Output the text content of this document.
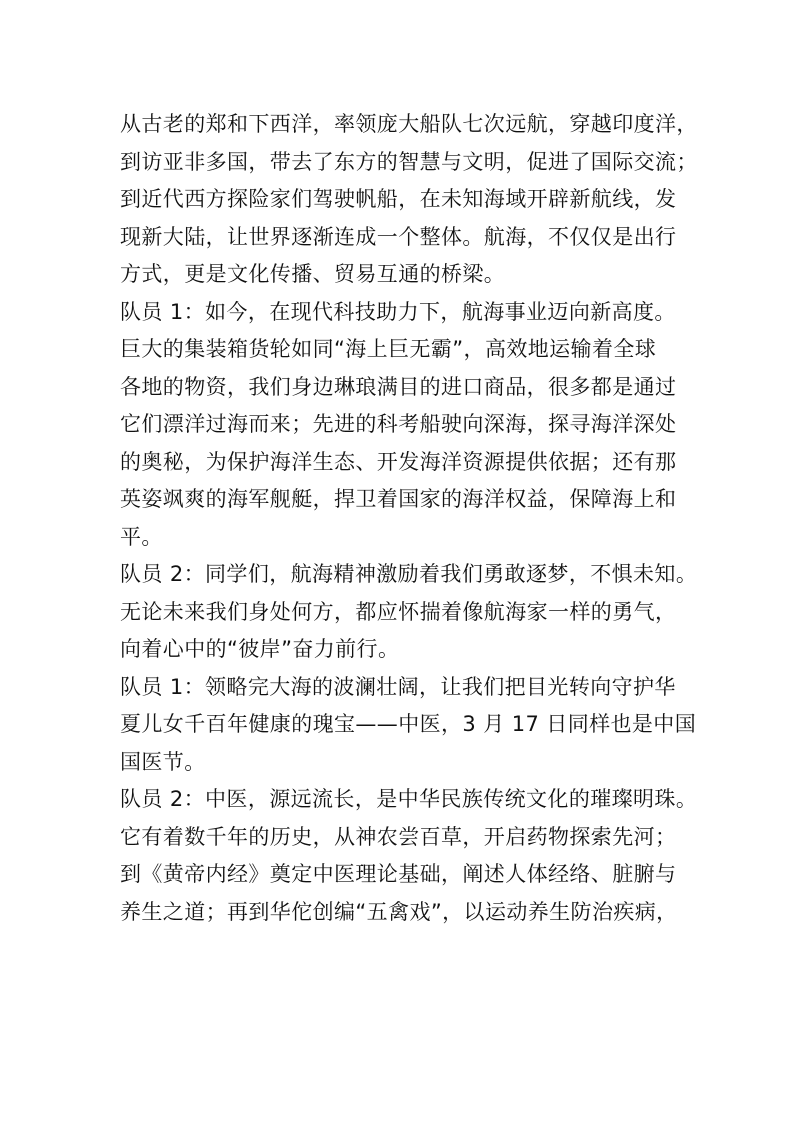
从古老的郑和下西洋，率领庞大船队七次远航，穿越印度洋，
到访亚非多国，带去了东方的智慧与文明，促进了国际交流；
到近代西方探险家们驾驶帆船，在未知海域开辟新航线，发
现新大陆，让世界逐渐连成一个整体。航海，不仅仅是出行
方式，更是文化传播、贸易互通的桥梁。
队员 1：如今，在现代科技助力下，航海事业迈向新高度。
巨大的集装箱货轮如同“海上巨无霸”，高效地运输着全球
各地的物资，我们身边琳琅满目的进口商品，很多都是通过
它们漂洋过海而来；先进的科考船驶向深海，探寻海洋深处
的奥秘，为保护海洋生态、开发海洋资源提供依据；还有那
英姿飒爽的海军舰艇，捍卫着国家的海洋权益，保障海上和
平。
队员 2：同学们，航海精神激励着我们勇敢逐梦，不惧未知。
无论未来我们身处何方，都应怀揣着像航海家一样的勇气，
向着心中的“彼岸”奋力前行。
队员 1：领略完大海的波澜壮阔，让我们把目光转向守护华
夏儿女千百年健康的瑰宝——中医，3 月 17 日同样也是中国
国医节。
队员 2：中医，源远流长，是中华民族传统文化的璀璨明珠。
它有着数千年的历史，从神农尝百草，开启药物探索先河；
到《黄帝内经》奠定中医理论基础，阐述人体经络、脏腑与
养生之道；再到华佗创编“五禽戏”，以运动养生防治疾病，
